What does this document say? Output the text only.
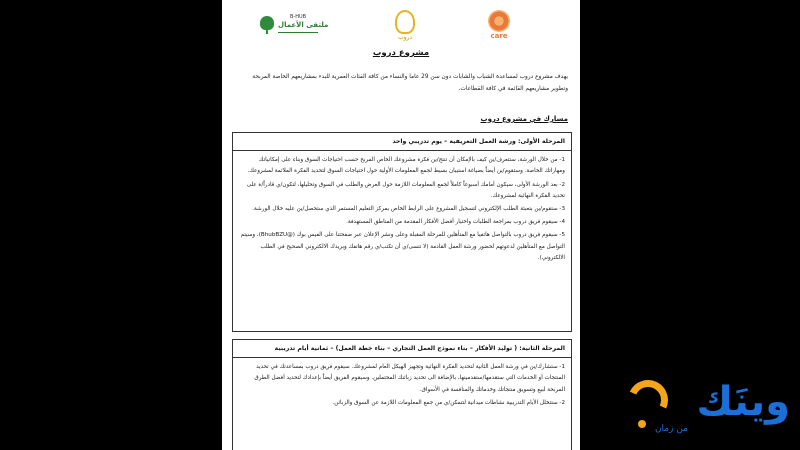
care
دروب
B-HUB
ملتقى الأعمال
مشروع دروب
يهدف مشروع دروب لمساعدة الشباب والشابات دون سن 29 عاما والنساء من كافة الفئات العمرية للبدء بمشاريعهم الخاصة المربحة وتطوير مشاريعهم القائمة في كافة القطاعات.
مسارك في مشروع دروب
المرحلة الأولى: ورشة العمل التعريفية – يوم تدريبي واحد
1- من خلال الورشة، ستتعرف/ين كيف بالإمكان أن تنتج/ين فكرة مشروعك الخاص المربح حسب احتياجات السوق وبناء على إمكانياتك ومهاراتك الخاصة. وستقوم/ين أيضاً بصياغة استبيان بسيط لجمع المعلومات الأولية حول احتياجات السوق لتحديد الفكرة الملائمة لمشروعك.
2- بعد الورشة الأولى، سيكون أمامك أسبوعاً كاملاً لجمع المعلومات اللازمة حول العرض والطلب في السوق وتحليلها، لتكون/ي قادراً/ة على تحديد الفكرة النهائية لمشروعك.
3- ستقوم/ين بتعبئة الطلب الإلكتروني لتسجيل المشروع على الرابط الخاص بمركز التعليم المستمر الذي ستحصل/ين عليه خلال الورشة.
4- سيقوم فريق دروب بمراجعة الطلبات واختيار أفضل الأفكار المقدمة من المناطق المستهدفة.
5- سيقوم فريق دروب بالتواصل هاتفيا مع المتأهلين للمرحلة المقبلة وعلى ونشر الإعلان عبر صفحتنا على الفيس بوك (@BhubBZU)، وسيتم التواصل مع المتأهلين لدعوتهم لحضور ورشة العمل القادمة (لا تنسى/ي أن تكتب/ي رقم هاتفك وبريدك الالكتروني الصحيح في الطلب الالكتروني).
المرحلة الثانية: ( توليد الأفكار – بناء نموذج العمل التجاري – بناء خطة العمل) – ثمانية أيام تدريبية
1- ستشارك/ين في ورشة العمل الثانية لتحديد الفكرة النهائية وتجهيز الهيكل العام لمشروعك. سيقوم فريق دروب بمساعدتك في تحديد المنتجات أو الخدمات التي ستقدمها/ستقدمينها، بالإضافة الى تحديد زبائنك المحتملين. وسيقوم الفريق أيضاً بإعدادك لتحديد أفضل الطرق المربحة لبيع وتسويق منتجاتك وخدماتك والمنافسة في الأسواق.
2- ستتخلل الأيام التدريبية نشاطات ميدانية لتتمكن/ي من جمع المعلومات اللازمة عن السوق والزبائن.	وينَك
من زمان
